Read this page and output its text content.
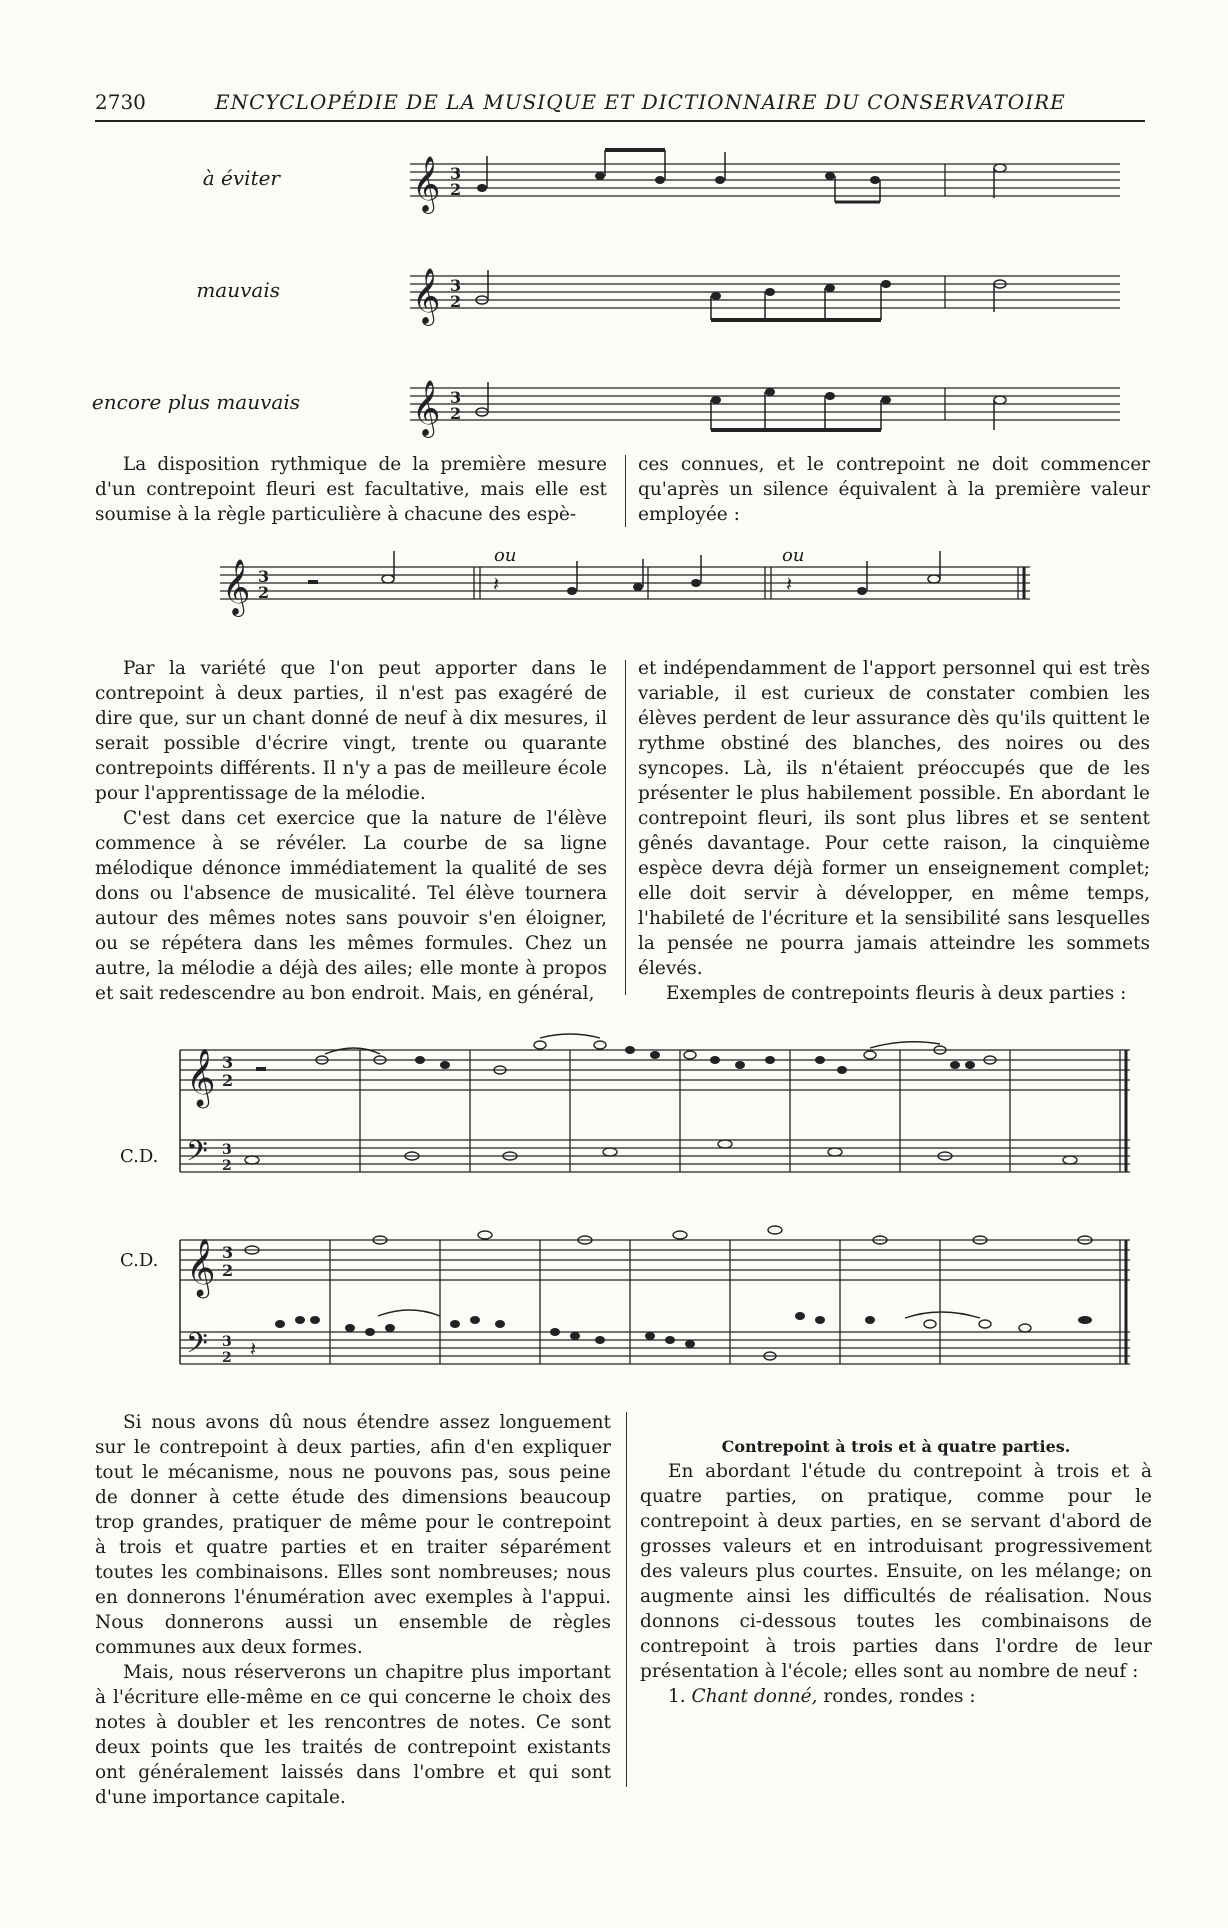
2730	ENCYCLOPÉDIE DE LA MUSIQUE ET DICTIONNAIRE DU CONSERVATOIRE
à éviter
mauvais
encore plus mauvais
𝄞 3
2
𝄞 3
2
𝄞 3
2

La disposition rythmique de la première mesure d'un contrepoint fleuri est facultative, mais elle est soumise à la règle particulière à chacune des espè-

ces connues, et le contrepoint ne doit commencer qu'après un silence équivalent à la première valeur employée :

𝄞 3
2	𝄽	𝄽
ou	ou

Par la variété que l'on peut apporter dans le contrepoint à deux parties, il n'est pas exagéré de dire que, sur un chant donné de neuf à dix mesures, il serait possible d'écrire vingt, trente ou quarante contrepoints différents. Il n'y a pas de meilleure école pour l'apprentissage de la mélodie.

C'est dans cet exercice que la nature de l'élève commence à se révéler. La courbe de sa ligne mélodique dénonce immédiatement la qualité de ses dons ou l'absence de musicalité. Tel élève tournera autour des mêmes notes sans pouvoir s'en éloigner, ou se répétera dans les mêmes formules. Chez un autre, la mélodie a déjà des ailes; elle monte à propos et sait redescendre au bon endroit. Mais, en général,

et indépendamment de l'apport personnel qui est très variable, il est curieux de constater combien les élèves perdent de leur assurance dès qu'ils quittent le rythme obstiné des blanches, des noires ou des syncopes. Là, ils n'étaient préoccupés que de les présenter le plus habilement possible. En abordant le contrepoint fleuri, ils sont plus libres et se sentent gênés davantage. Pour cette raison, la cinquième espèce devra déjà former un enseignement complet; elle doit servir à développer, en même temps, l'habileté de l'écriture et la sensibilité sans lesquelles la pensée ne pourra jamais atteindre les sommets élevés.

Exemples de contrepoints fleuris à deux parties :

C.D.
𝄞
𝄢
3
2
3
2
C.D. 𝄞
𝄢
3
2
3
2 𝄽

Si nous avons dû nous étendre assez longuement sur le contrepoint à deux parties, afin d'en expliquer tout le mécanisme, nous ne pouvons pas, sous peine de donner à cette étude des dimensions beaucoup trop grandes, pratiquer de même pour le contrepoint à trois et quatre parties et en traiter séparément toutes les combinaisons. Elles sont nombreuses; nous en donnerons l'énumération avec exemples à l'appui. Nous donnerons aussi un ensemble de règles communes aux deux formes.

Mais, nous réserverons un chapitre plus important à l'écriture elle-même en ce qui concerne le choix des notes à doubler et les rencontres de notes. Ce sont deux points que les traités de contrepoint existants ont généralement laissés dans l'ombre et qui sont d'une importance capitale.

Contrepoint à trois et à quatre parties.

En abordant l'étude du contrepoint à trois et à quatre parties, on pratique, comme pour le contrepoint à deux parties, en se servant d'abord de grosses valeurs et en introduisant progressivement des valeurs plus courtes. Ensuite, on les mélange; on augmente ainsi les difficultés de réalisation. Nous donnons ci-dessous toutes les combinaisons de contrepoint à trois parties dans l'ordre de leur présentation à l'école; elles sont au nombre de neuf :

1. Chant donné, rondes, rondes :
